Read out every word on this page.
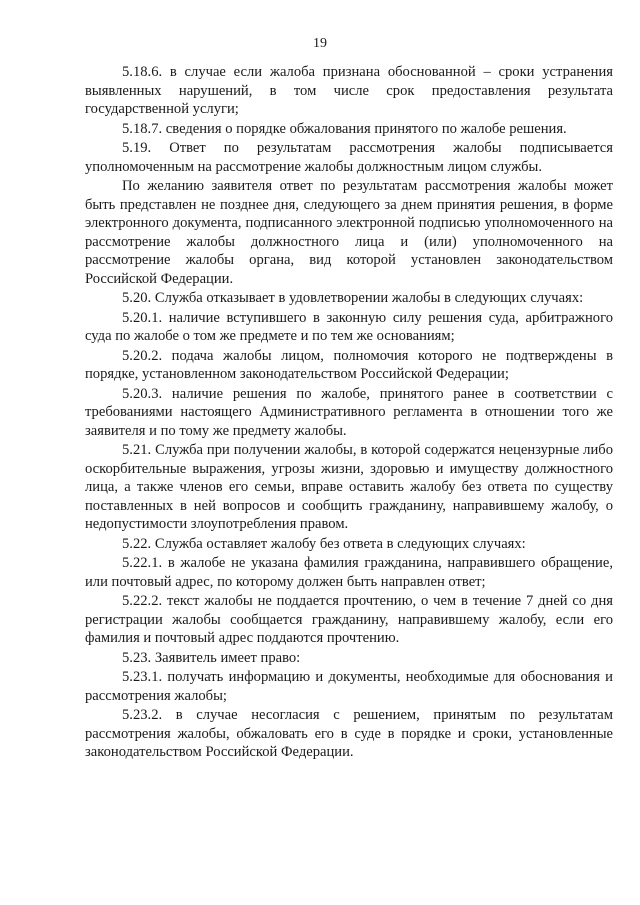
19

5.18.6. в случае если жалоба признана обоснованной – сроки устранения выявленных нарушений, в том числе срок предоставления результата государственной услуги;

5.18.7. сведения о порядке обжалования принятого по жалобе решения.

5.19. Ответ по результатам рассмотрения жалобы подписывается уполномоченным на рассмотрение жалобы должностным лицом службы.

По желанию заявителя ответ по результатам рассмотрения жалобы может быть представлен не позднее дня, следующего за днем принятия решения, в форме электронного документа, подписанного электронной подписью уполномоченного на рассмотрение жалобы должностного лица и (или) уполномоченного на рассмотрение жалобы органа, вид которой установлен законодательством Российской Федерации.

5.20. Служба отказывает в удовлетворении жалобы в следующих случаях:

5.20.1. наличие вступившего в законную силу решения суда, арбитражного суда по жалобе о том же предмете и по тем же основаниям;

5.20.2. подача жалобы лицом, полномочия которого не подтверждены в порядке, установленном законодательством Российской Федерации;

5.20.3. наличие решения по жалобе, принятого ранее в соответствии с требованиями настоящего Административного регламента в отношении того же заявителя и по тому же предмету жалобы.

5.21. Служба при получении жалобы, в которой содержатся нецензурные либо оскорбительные выражения, угрозы жизни, здоровью и имуществу должностного лица, а также членов его семьи, вправе оставить жалобу без ответа по существу поставленных в ней вопросов и сообщить гражданину, направившему жалобу, о недопустимости злоупотребления правом.

5.22. Служба оставляет жалобу без ответа в следующих случаях:

5.22.1. в жалобе не указана фамилия гражданина, направившего обращение, или почтовый адрес, по которому должен быть направлен ответ;

5.22.2. текст жалобы не поддается прочтению, о чем в течение 7 дней со дня регистрации жалобы сообщается гражданину, направившему жалобу, если его фамилия и почтовый адрес поддаются прочтению.

5.23. Заявитель имеет право:

5.23.1. получать информацию и документы, необходимые для обоснования и рассмотрения жалобы;

5.23.2. в случае несогласия с решением, принятым по результатам рассмотрения жалобы, обжаловать его в суде в порядке и сроки, установленные законодательством Российской Федерации.
